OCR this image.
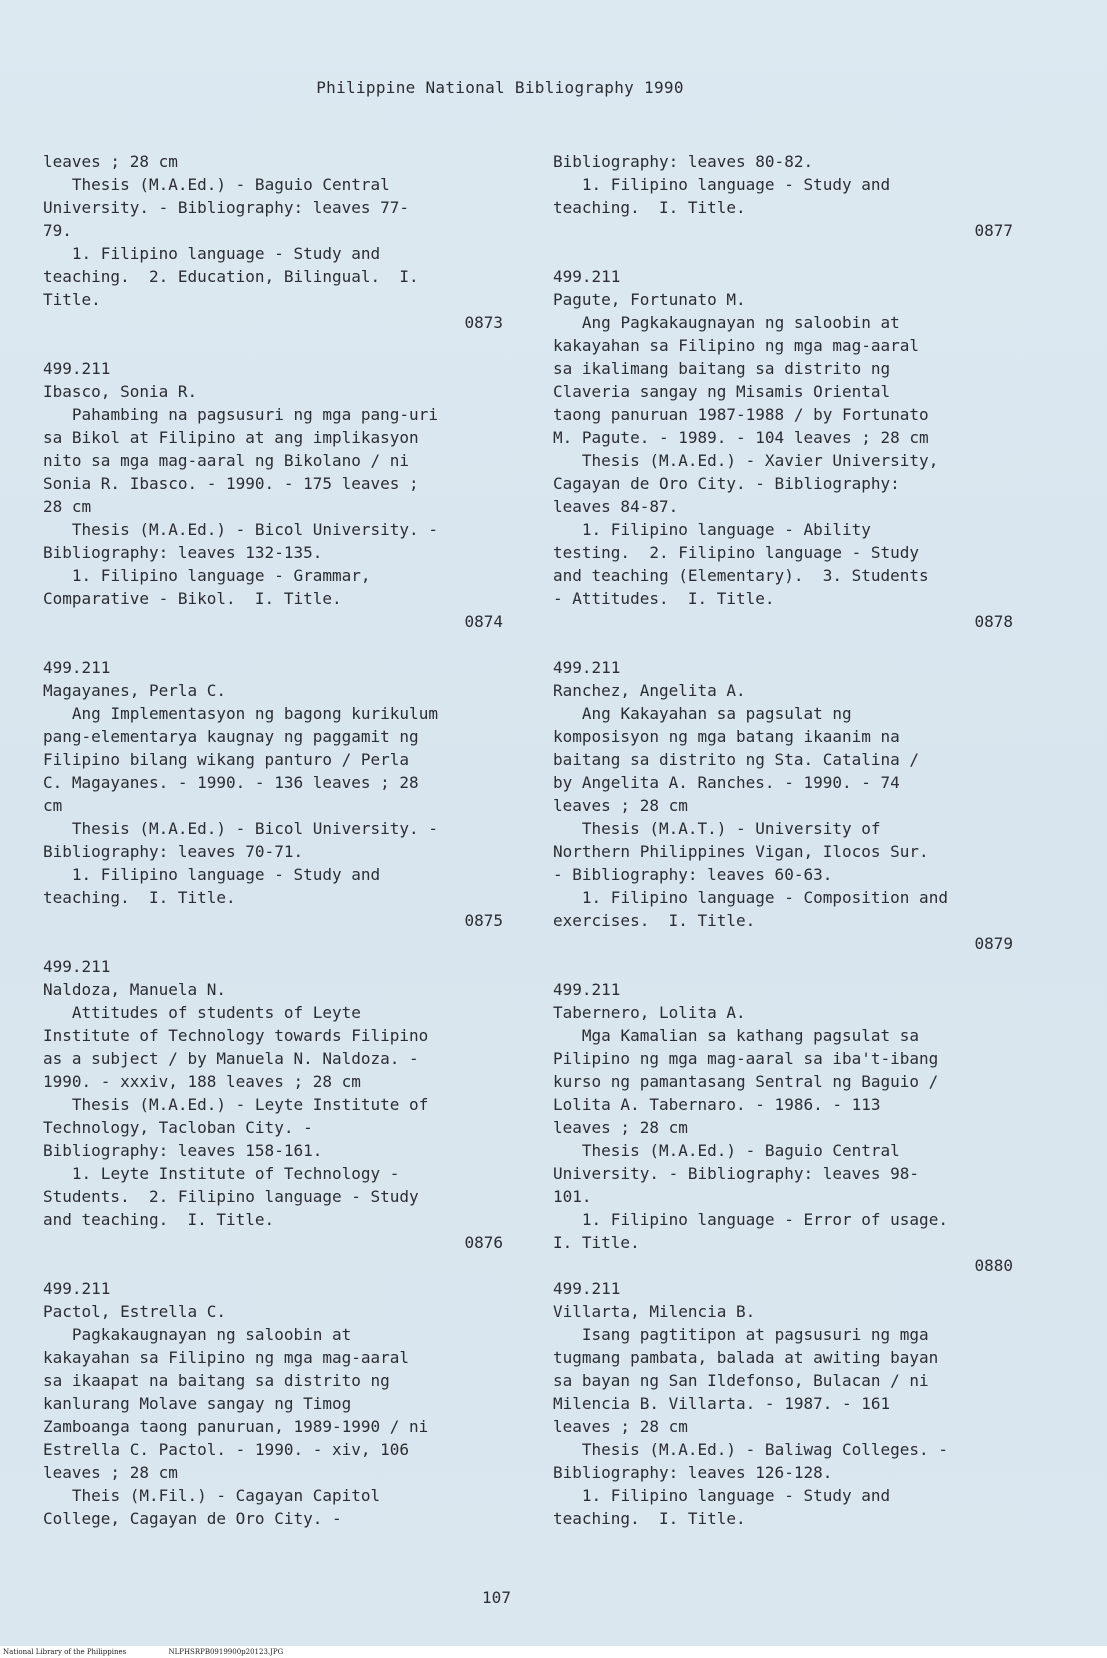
Philippine National Bibliography 1990
leaves ; 28 cm
Thesis (M.A.Ed.) - Baguio Central
University. - Bibliography: leaves 77-
79.
1. Filipino language - Study and
teaching.  2. Education, Bilingual.  I.
Title.
0873
499.211
Ibasco, Sonia R.
Pahambing na pagsusuri ng mga pang-uri
sa Bikol at Filipino at ang implikasyon
nito sa mga mag-aaral ng Bikolano / ni
Sonia R. Ibasco. - 1990. - 175 leaves ;
28 cm
Thesis (M.A.Ed.) - Bicol University. -
Bibliography: leaves 132-135.
1. Filipino language - Grammar,
Comparative - Bikol.  I. Title.
0874
499.211
Magayanes, Perla C.
Ang Implementasyon ng bagong kurikulum
pang-elementarya kaugnay ng paggamit ng
Filipino bilang wikang panturo / Perla
C. Magayanes. - 1990. - 136 leaves ; 28
cm
Thesis (M.A.Ed.) - Bicol University. -
Bibliography: leaves 70-71.
1. Filipino language - Study and
teaching.  I. Title.
0875
499.211
Naldoza, Manuela N.
Attitudes of students of Leyte
Institute of Technology towards Filipino
as a subject / by Manuela N. Naldoza. -
1990. - xxxiv, 188 leaves ; 28 cm
Thesis (M.A.Ed.) - Leyte Institute of
Technology, Tacloban City. -
Bibliography: leaves 158-161.
1. Leyte Institute of Technology -
Students.  2. Filipino language - Study
and teaching.  I. Title.
0876
499.211
Pactol, Estrella C.
Pagkakaugnayan ng saloobin at
kakayahan sa Filipino ng mga mag-aaral
sa ikaapat na baitang sa distrito ng
kanlurang Molave sangay ng Timog
Zamboanga taong panuruan, 1989-1990 / ni
Estrella C. Pactol. - 1990. - xiv, 106
leaves ; 28 cm
Theis (M.Fil.) - Cagayan Capitol
College, Cagayan de Oro City. -
Bibliography: leaves 80-82.
1. Filipino language - Study and
teaching.  I. Title.
0877
499.211
Pagute, Fortunato M.
Ang Pagkakaugnayan ng saloobin at
kakayahan sa Filipino ng mga mag-aaral
sa ikalimang baitang sa distrito ng
Claveria sangay ng Misamis Oriental
taong panuruan 1987-1988 / by Fortunato
M. Pagute. - 1989. - 104 leaves ; 28 cm
Thesis (M.A.Ed.) - Xavier University,
Cagayan de Oro City. - Bibliography:
leaves 84-87.
1. Filipino language - Ability
testing.  2. Filipino language - Study
and teaching (Elementary).  3. Students
- Attitudes.  I. Title.
0878
499.211
Ranchez, Angelita A.
Ang Kakayahan sa pagsulat ng
komposisyon ng mga batang ikaanim na
baitang sa distrito ng Sta. Catalina /
by Angelita A. Ranches. - 1990. - 74
leaves ; 28 cm
Thesis (M.A.T.) - University of
Northern Philippines Vigan, Ilocos Sur.
- Bibliography: leaves 60-63.
1. Filipino language - Composition and
exercises.  I. Title.
0879
499.211
Tabernero, Lolita A.
Mga Kamalian sa kathang pagsulat sa
Pilipino ng mga mag-aaral sa iba't-ibang
kurso ng pamantasang Sentral ng Baguio /
Lolita A. Tabernaro. - 1986. - 113
leaves ; 28 cm
Thesis (M.A.Ed.) - Baguio Central
University. - Bibliography: leaves 98-
101.
1. Filipino language - Error of usage.
I. Title.
0880
499.211
Villarta, Milencia B.
Isang pagtitipon at pagsusuri ng mga
tugmang pambata, balada at awiting bayan
sa bayan ng San Ildefonso, Bulacan / ni
Milencia B. Villarta. - 1987. - 161
leaves ; 28 cm
Thesis (M.A.Ed.) - Baliwag Colleges. -
Bibliography: leaves 126-128.
1. Filipino language - Study and
teaching.  I. Title.
107
National Library of the Philippines	NLPHSRPB0919900p20123.JPG
